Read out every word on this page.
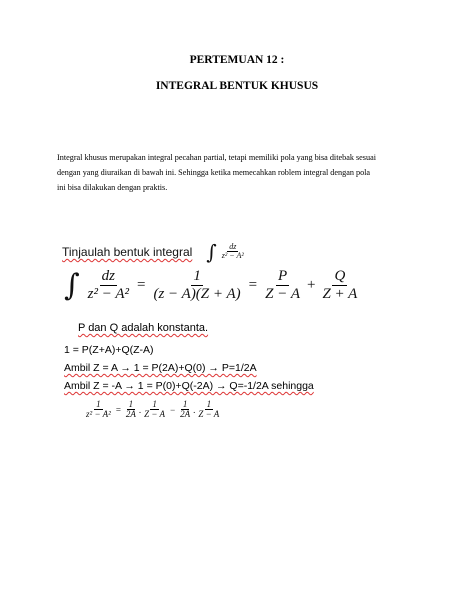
PERTEMUAN 12 :
INTEGRAL BENTUK KHUSUS
Integral khusus merupakan integral pecahan partial, tetapi memiliki pola yang bisa ditebak sesuai
dengan yang diuraikan di bawah ini. Sehingga ketika memecahkan roblem integral dengan pola
ini bisa dilakukan dengan praktis.
Tinjaulah bentuk integral ∫ $\frac{dz}{\text{z² − A²}}$
∫ $\frac{dz}{\text{z² − A²}} = \frac{1}{(z - A)(Z + A)} = \frac{P}{Z - A} + \frac{Q}{Z + A}$
P dan Q adalah konstanta.
1 = P(Z+A)+Q(Z-A)
Ambil Z = A → 1 = P(2A)+Q(0) → P=1/2A
Ambil Z = -A → 1 = P(0)+Q(-2A) → Q=-1/2A sehingga
$\frac{1}{\text{z² − A²}} = \frac{1}{2A}$ . $\frac{1}{Z - A} - \frac{1}{2A}$ . $\frac{1}{Z - A}$
